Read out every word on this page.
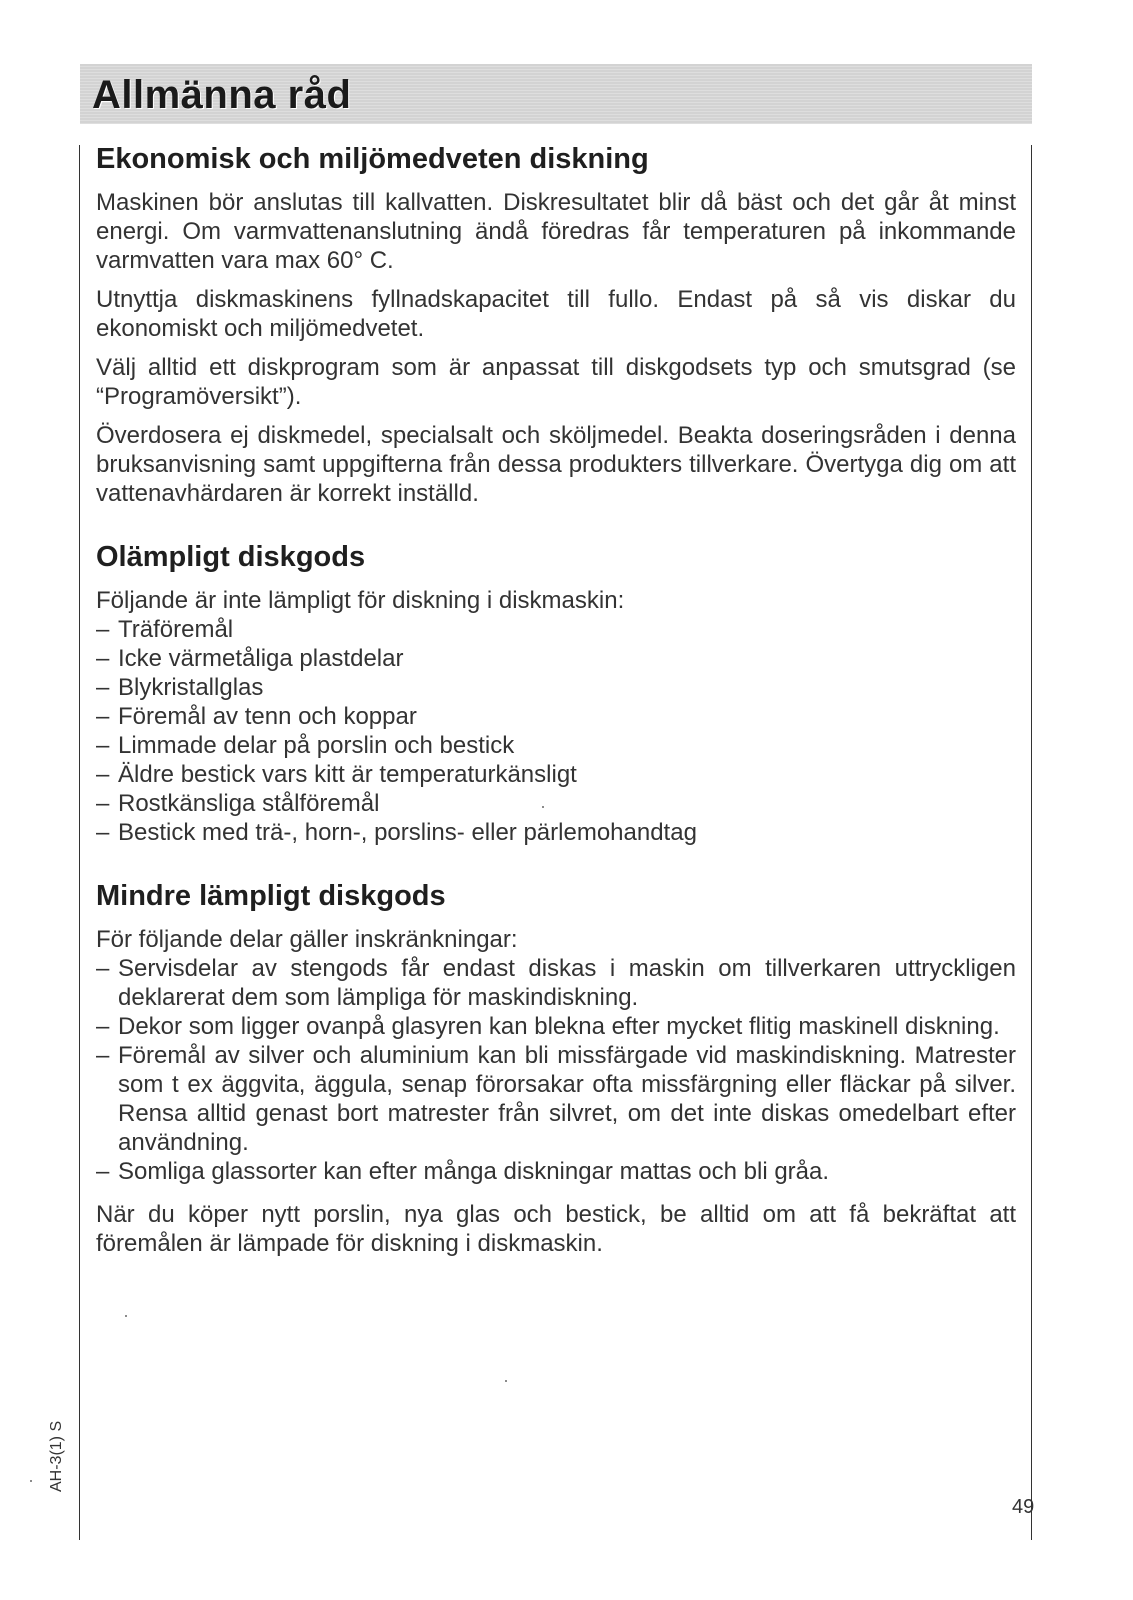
Allmänna råd
Ekonomisk och miljömedveten diskning

Maskinen bör anslutas till kallvatten. Diskresultatet blir då bäst och det går åt minst energi. Om varmvattenanslutning ändå föredras får temperaturen på inkommande varmvatten vara max 60° C.

Utnyttja diskmaskinens fyllnadskapacitet till fullo. Endast på så vis diskar du ekonomiskt och miljömedvetet.

Välj alltid ett diskprogram som är anpassat till diskgodsets typ och smutsgrad (se “Programöversikt”).

Överdosera ej diskmedel, specialsalt och sköljmedel. Beakta doseringsråden i denna bruksanvisning samt uppgifterna från dessa produkters tillverkare. Övertyga dig om att vattenavhärdaren är korrekt inställd.

Olämpligt diskgods

Följande är inte lämpligt för diskning i diskmaskin:

– Träföremål
– Icke värmetåliga plastdelar
– Blykristallglas
– Föremål av tenn och koppar
– Limmade delar på porslin och bestick
– Äldre bestick vars kitt är temperaturkänsligt
– Rostkänsliga stålföremål
– Bestick med trä-, horn-, porslins- eller pärlemohandtag
Mindre lämpligt diskgods

För följande delar gäller inskränkningar:

– Servisdelar av stengods får endast diskas i maskin om tillverkaren uttryckligen deklarerat dem som lämpliga för maskindiskning.
– Dekor som ligger ovanpå glasyren kan blekna efter mycket flitig maskinell diskning.
– Föremål av silver och aluminium kan bli missfärgade vid maskindiskning. Matrester som t ex äggvita, äggula, senap förorsakar ofta missfärgning eller fläckar på silver. Rensa alltid genast bort matrester från silvret, om det inte diskas omedelbart efter användning.
– Somliga glassorter kan efter många diskningar mattas och bli gråa.

När du köper nytt porslin, nya glas och bestick, be alltid om att få bekräftat att föremålen är lämpade för diskning i diskmaskin.

AH-3(1) S
49
